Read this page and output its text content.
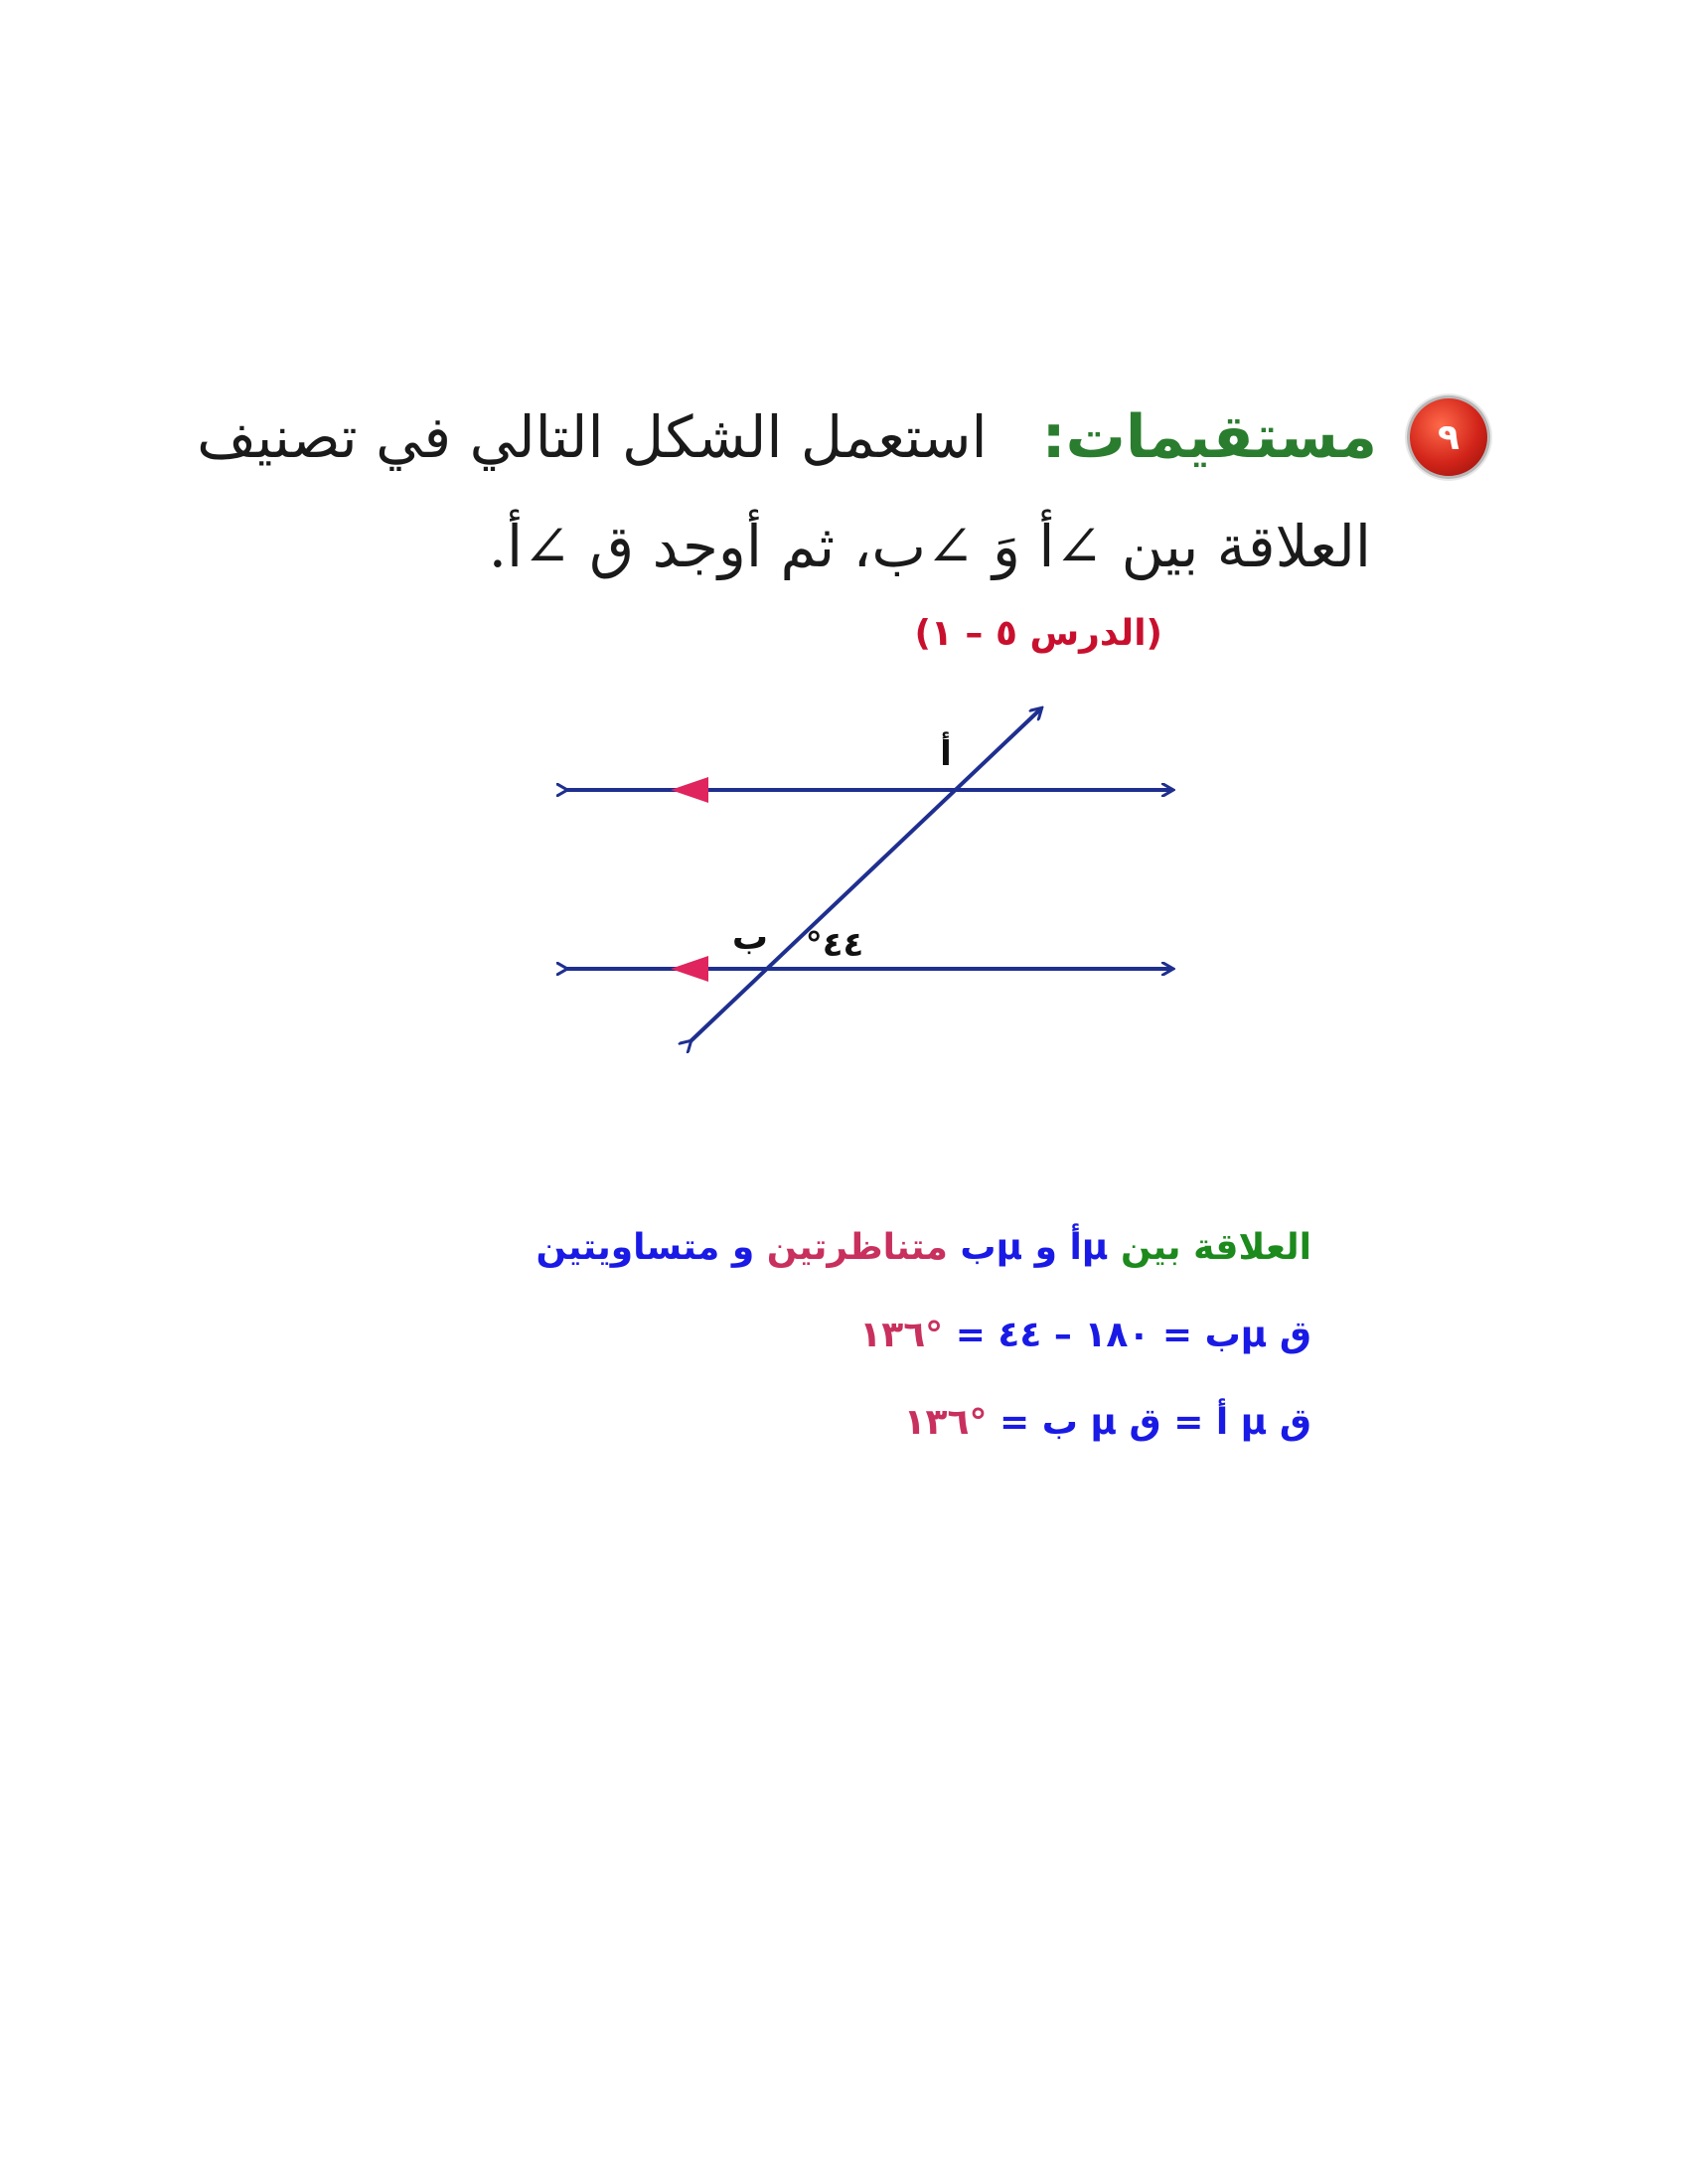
٩
مستقيمات:
استعمل الشكل التالي في تصنيف
العلاقة بين ∠أ وَ ∠ب، ثم أوجد ق ∠أ.
(الدرس ٥ – ١)
أ
ب ٤٤°
العلاقة بين µأ و µب متناظرتين و متساويتين
ق µب = ١٨٠ – ٤٤ = °١٣٦
ق µ أ = ق µ ب = °١٣٦
